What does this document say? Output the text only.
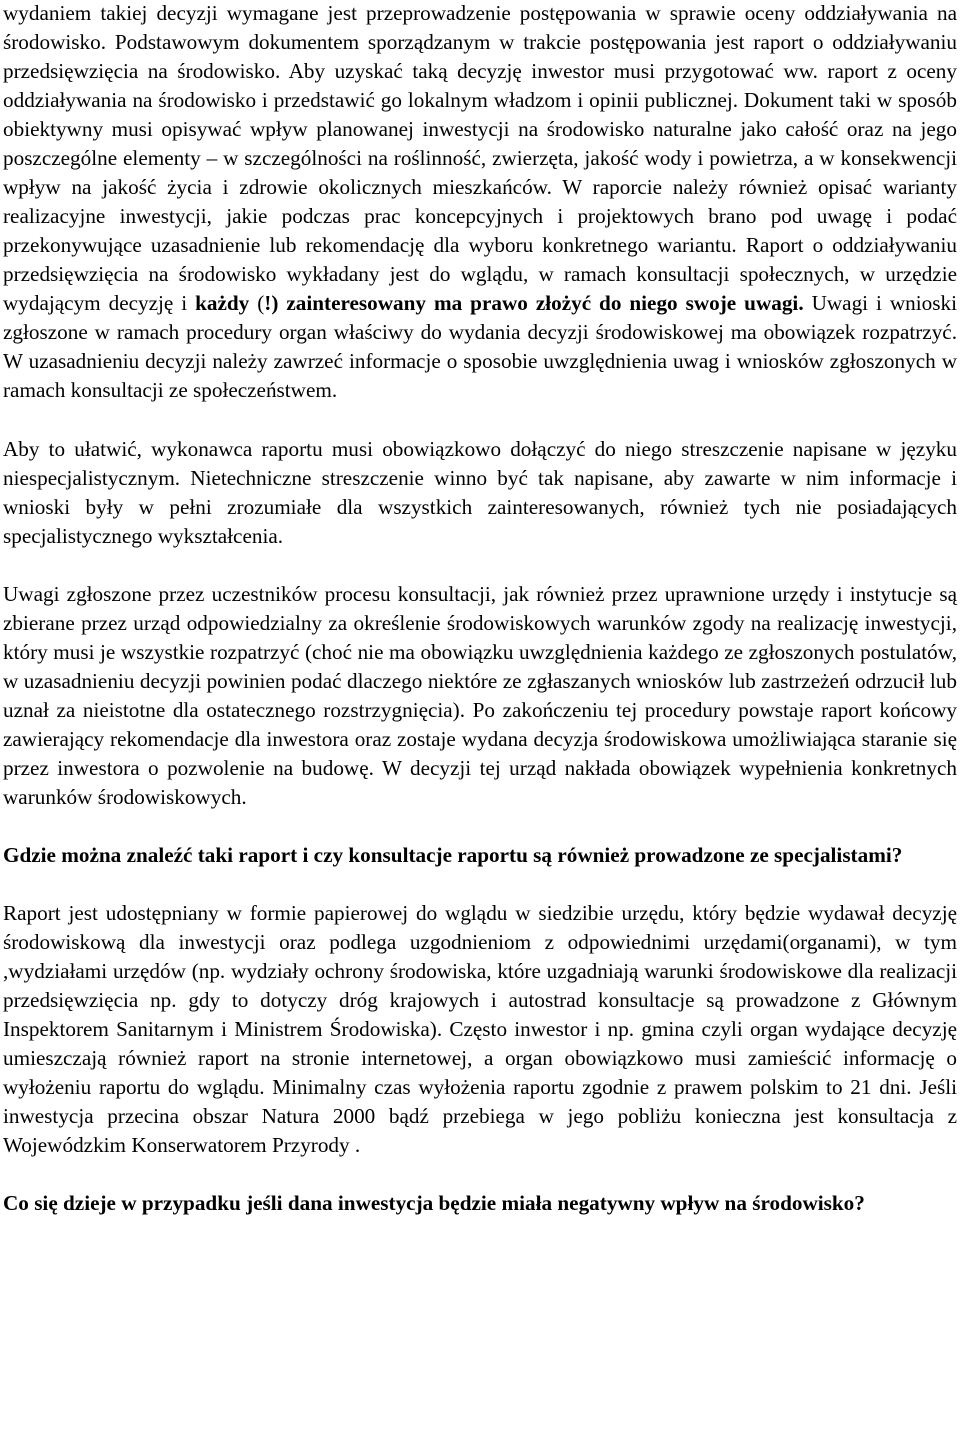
wydaniem takiej decyzji wymagane jest przeprowadzenie postępowania w sprawie oceny oddziaływania na środowisko. Podstawowym dokumentem sporządzanym w trakcie postępowania jest raport o oddziaływaniu przedsięwzięcia na środowisko. Aby uzyskać taką decyzję inwestor musi przygotować ww. raport z oceny oddziaływania na środowisko i przedstawić go lokalnym władzom i opinii publicznej. Dokument taki w sposób obiektywny musi opisywać wpływ planowanej inwestycji na środowisko naturalne jako całość oraz na jego poszczególne elementy – w szczególności na roślinność, zwierzęta, jakość wody i powietrza, a w konsekwencji wpływ na jakość życia i zdrowie okolicznych mieszkańców. W raporcie należy również opisać warianty realizacyjne inwestycji, jakie podczas prac koncepcyjnych i projektowych brano pod uwagę i podać przekonywujące uzasadnienie lub rekomendację dla wyboru konkretnego wariantu. Raport o oddziaływaniu przedsięwzięcia na środowisko wykładany jest do wglądu, w ramach konsultacji społecznych, w urzędzie wydającym decyzję i każdy (!) zainteresowany ma prawo złożyć do niego swoje uwagi. Uwagi i wnioski zgłoszone w ramach procedury organ właściwy do wydania decyzji środowiskowej ma obowiązek rozpatrzyć. W uzasadnieniu decyzji należy zawrzeć informacje o sposobie uwzględnienia uwag i wniosków zgłoszonych w ramach konsultacji ze społeczeństwem.

Aby to ułatwić, wykonawca raportu musi obowiązkowo dołączyć do niego streszczenie napisane w języku niespecjalistycznym. Nietechniczne streszczenie winno być tak napisane, aby zawarte w nim informacje i wnioski były w pełni zrozumiałe dla wszystkich zainteresowanych, również tych nie posiadających specjalistycznego wykształcenia.

Uwagi zgłoszone przez uczestników procesu konsultacji, jak również przez uprawnione urzędy i instytucje są zbierane przez urząd odpowiedzialny za określenie środowiskowych warunków zgody na realizację inwestycji, który musi je wszystkie rozpatrzyć (choć nie ma obowiązku uwzględnienia każdego ze zgłoszonych postulatów, w uzasadnieniu decyzji powinien podać dlaczego niektóre ze zgłaszanych wniosków lub zastrzeżeń odrzucił lub uznał za nieistotne dla ostatecznego rozstrzygnięcia). Po zakończeniu tej procedury powstaje raport końcowy zawierający rekomendacje dla inwestora oraz zostaje wydana decyzja środowiskowa umożliwiająca staranie się przez inwestora o pozwolenie na budowę. W decyzji tej urząd nakłada obowiązek wypełnienia konkretnych warunków środowiskowych.

Gdzie można znaleźć taki raport i czy konsultacje raportu są również prowadzone ze specjalistami?

Raport jest udostępniany w formie papierowej do wglądu w siedzibie urzędu, który będzie wydawał decyzję środowiskową dla inwestycji oraz podlega uzgodnieniom z odpowiednimi urzędami(organami), w tym ,wydziałami urzędów (np. wydziały ochrony środowiska, które uzgadniają warunki środowiskowe dla realizacji przedsięwzięcia np. gdy to dotyczy dróg krajowych i autostrad konsultacje są prowadzone z Głównym Inspektorem Sanitarnym i Ministrem Środowiska). Często inwestor i np. gmina czyli organ wydające decyzję umieszczają również raport na stronie internetowej, a organ obowiązkowo musi zamieścić informację o wyłożeniu raportu do wglądu. Minimalny czas wyłożenia raportu zgodnie z prawem polskim to 21 dni. Jeśli inwestycja przecina obszar Natura 2000 bądź przebiega w jego pobliżu konieczna jest konsultacja z Wojewódzkim Konserwatorem Przyrody .

Co się dzieje w przypadku jeśli dana inwestycja będzie miała negatywny wpływ na środowisko?
